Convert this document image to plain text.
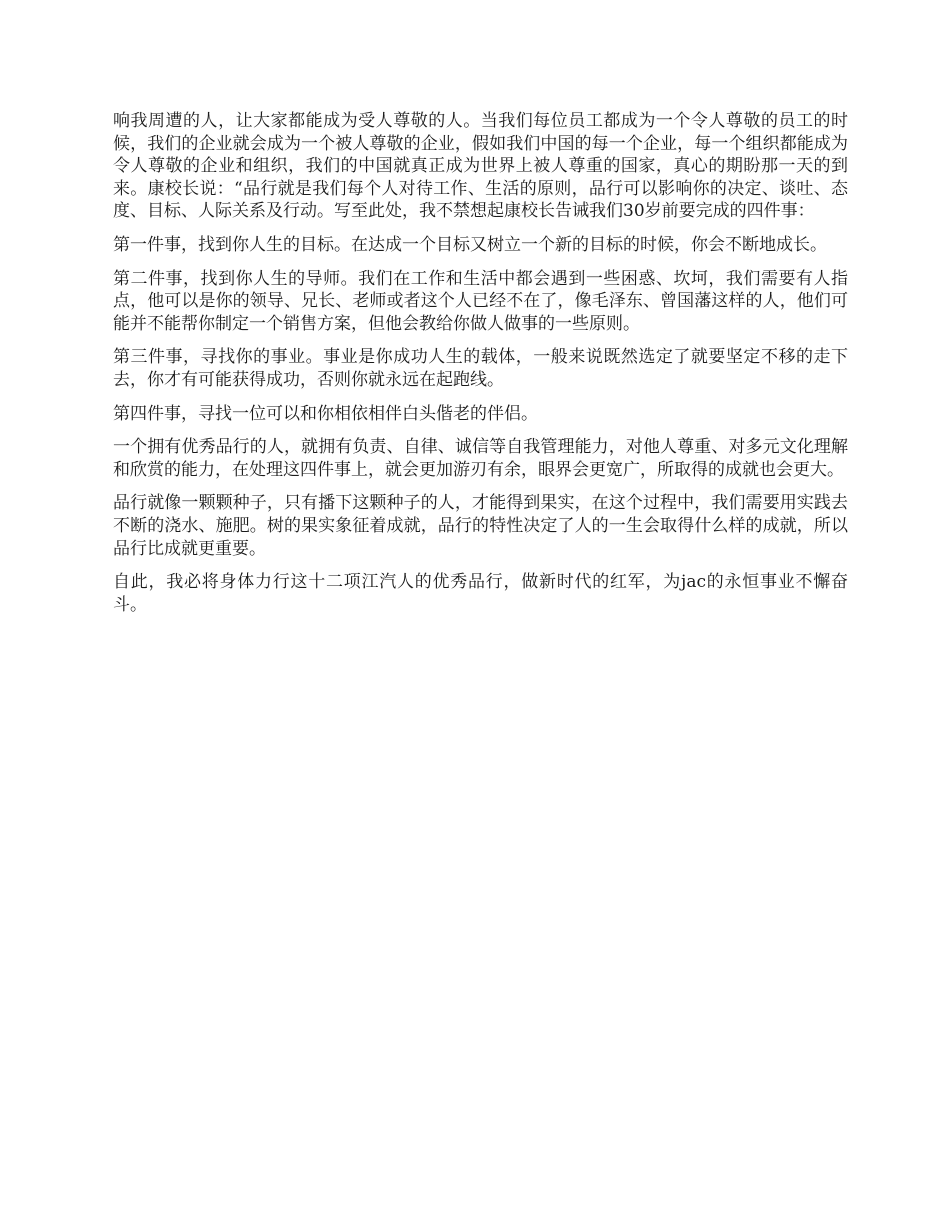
响我周遭的人，让大家都能成为受人尊敬的人。当我们每位员工都成为一个令人尊敬的员工的时候，我们的企业就会成为一个被人尊敬的企业，假如我们中国的每一个企业，每一个组织都能成为令人尊敬的企业和组织，我们的中国就真正成为世界上被人尊重的国家，真心的期盼那一天的到来。康校长说：“品行就是我们每个人对待工作、生活的原则，品行可以影响你的决定、谈吐、态度、目标、人际关系及行动。写至此处，我不禁想起康校长告诫我们30岁前要完成的四件事：

第一件事，找到你人生的目标。在达成一个目标又树立一个新的目标的时候，你会不断地成长。

第二件事，找到你人生的导师。我们在工作和生活中都会遇到一些困惑、坎坷，我们需要有人指点，他可以是你的领导、兄长、老师或者这个人已经不在了，像毛泽东、曾国藩这样的人，他们可能并不能帮你制定一个销售方案，但他会教给你做人做事的一些原则。

第三件事，寻找你的事业。事业是你成功人生的载体，一般来说既然选定了就要坚定不移的走下去，你才有可能获得成功，否则你就永远在起跑线。

第四件事，寻找一位可以和你相依相伴白头偕老的伴侣。

一个拥有优秀品行的人，就拥有负责、自律、诚信等自我管理能力，对他人尊重、对多元文化理解和欣赏的能力，在处理这四件事上，就会更加游刃有余，眼界会更宽广，所取得的成就也会更大。

品行就像一颗颗种子，只有播下这颗种子的人，才能得到果实，在这个过程中，我们需要用实践去不断的浇水、施肥。树的果实象征着成就，品行的特性决定了人的一生会取得什么样的成就，所以品行比成就更重要。

自此，我必将身体力行这十二项江汽人的优秀品行，做新时代的红军，为jac的永恒事业不懈奋斗。
